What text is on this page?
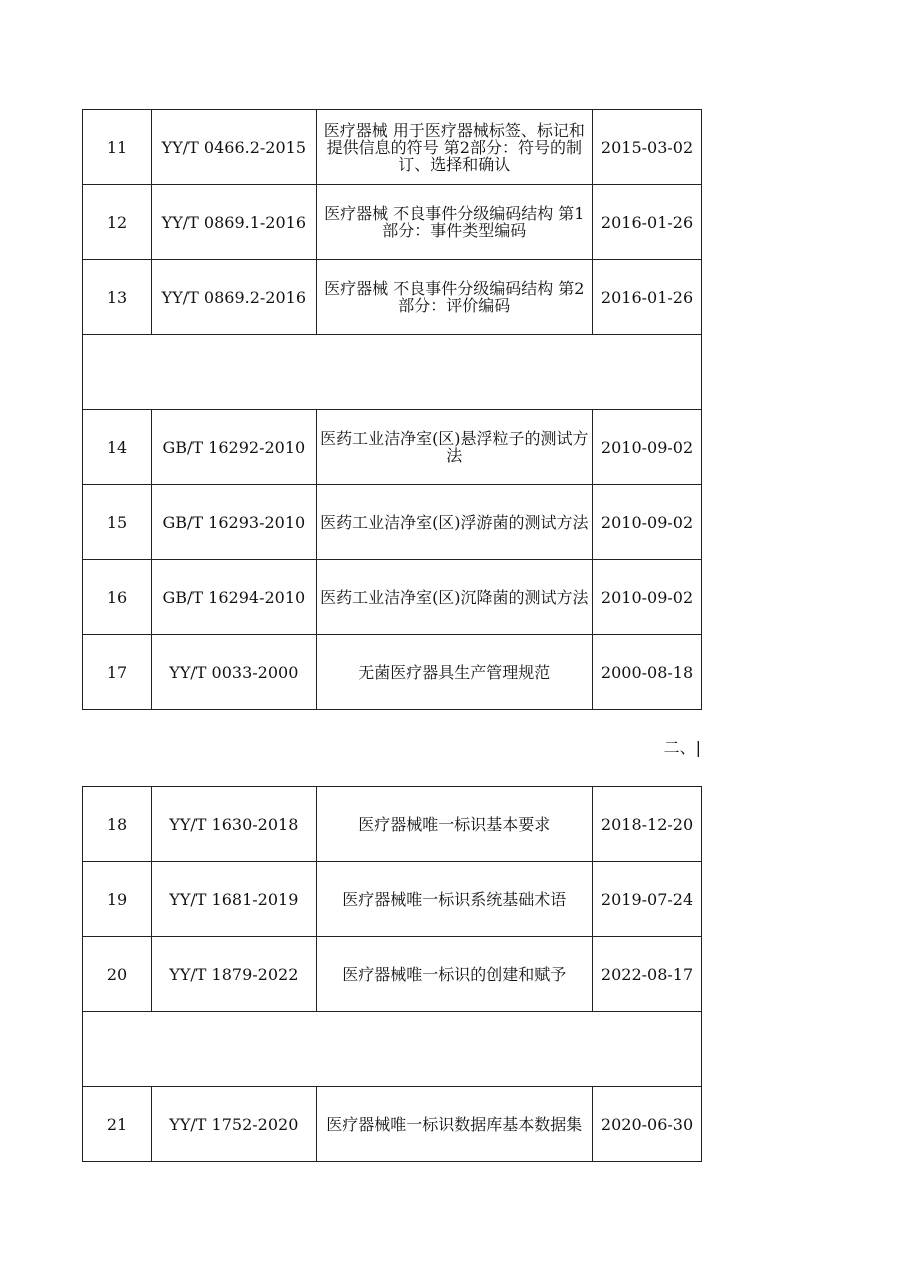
11	YY/T 0466.2-2015	医疗器械 用于医疗器械标签、标记和提供信息的符号 第2部分：符号的制订、选择和确认	2015-03-02
12	YY/T 0869.1-2016	医疗器械 不良事件分级编码结构 第1部分：事件类型编码	2016-01-26
13	YY/T 0869.2-2016	医疗器械 不良事件分级编码结构 第2部分：评价编码	2016-01-26

14	GB/T 16292-2010	医药工业洁净室(区)悬浮粒子的测试方法	2010-09-02
15	GB/T 16293-2010	医药工业洁净室(区)浮游菌的测试方法	2010-09-02
16	GB/T 16294-2010	医药工业洁净室(区)沉降菌的测试方法	2010-09-02
17	YY/T 0033-2000	无菌医疗器具生产管理规范	2000-08-18
二、|
18	YY/T 1630-2018	医疗器械唯一标识基本要求	2018-12-20
19	YY/T 1681-2019	医疗器械唯一标识系统基础术语	2019-07-24
20	YY/T 1879-2022	医疗器械唯一标识的创建和赋予	2022-08-17

21	YY/T 1752-2020	医疗器械唯一标识数据库基本数据集	2020-06-30
